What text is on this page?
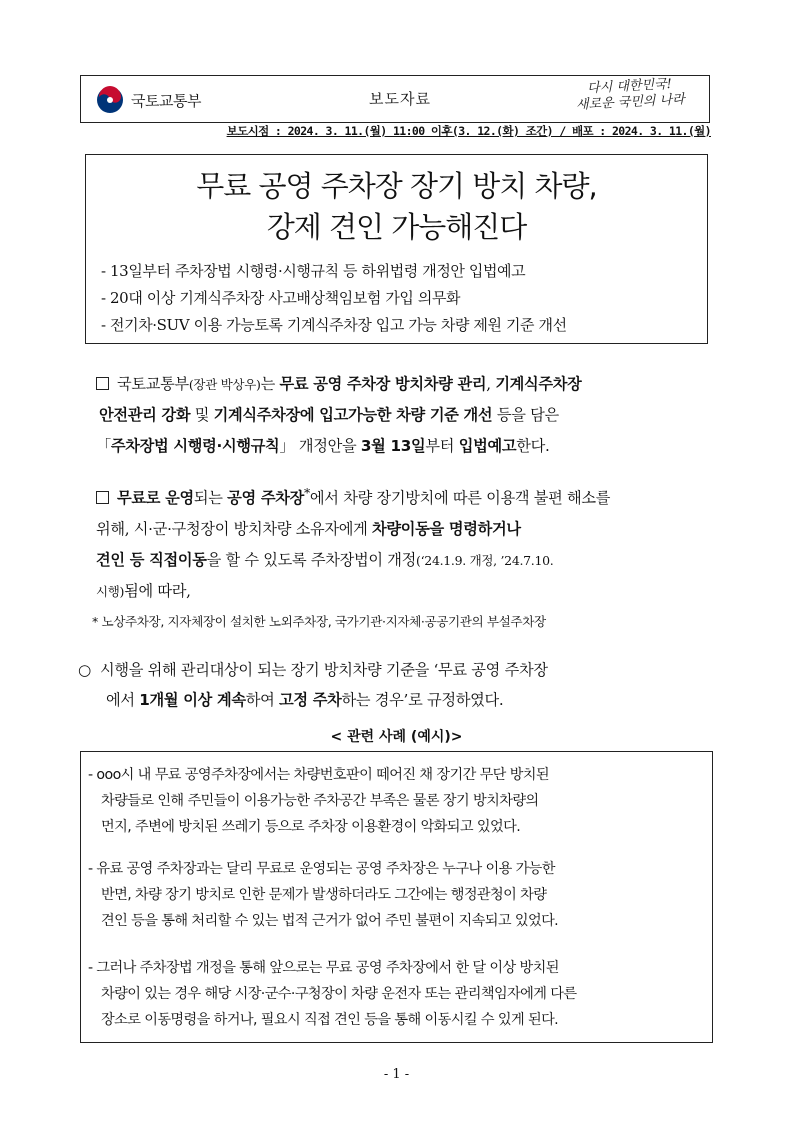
국토교통부	보도자료
다시 대한민국!
새로운 국민의 나라
보도시점 : 2024. 3. 11.(월) 11:00 이후(3. 12.(화) 조간) / 배포 : 2024. 3. 11.(월)
무료 공영 주차장 장기 방치 차량,
강제 견인 가능해진다
- 13일부터 주차장법 시행령·시행규칙 등 하위법령 개정안 입법예고
- 20대 이상 기계식주차장 사고배상책임보험 가입 의무화
- 전기차·SUV 이용 가능토록 기계식주차장 입고 가능 차량 제원 기준 개선
국토교통부(장관 박상우)는 무료 공영 주차장 방치차량 관리, 기계식주차장
안전관리 강화 및 기계식주차장에 입고가능한 차량 기준 개선 등을 담은
「주차장법 시행령·시행규칙」 개정안을 3월 13일부터 입법예고한다.
무료로 운영되는 공영 주차장*에서 차량 장기방치에 따른 이용객 불편 해소를
위해, 시·군·구청장이 방치차량 소유자에게 차량이동을 명령하거나
견인 등 직접이동을 할 수 있도록 주차장법이 개정(‘24.1.9. 개정, ’24.7.10.
시행)됨에 따라,
* 노상주차장, 지자체장이 설치한 노외주차장, 국가기관·지자체·공공기관의 부설주차장
○ 시행을 위해 관리대상이 되는 장기 방치차량 기준을 ‘무료 공영 주차장
에서 1개월 이상 계속하여 고정 주차하는 경우’로 규정하였다.
< 관련 사례 (예시)>
- ooo시 내 무료 공영주차장에서는 차량번호판이 떼어진 채 장기간 무단 방치된
차량들로 인해 주민들이 이용가능한 주차공간 부족은 물론 장기 방치차량의
먼지, 주변에 방치된 쓰레기 등으로 주차장 이용환경이 악화되고 있었다.
- 유료 공영 주차장과는 달리 무료로 운영되는 공영 주차장은 누구나 이용 가능한
반면, 차량 장기 방치로 인한 문제가 발생하더라도 그간에는 행정관청이 차량
견인 등을 통해 처리할 수 있는 법적 근거가 없어 주민 불편이 지속되고 있었다.
- 그러나 주차장법 개정을 통해 앞으로는 무료 공영 주차장에서 한 달 이상 방치된
차량이 있는 경우 해당 시장·군수·구청장이 차량 운전자 또는 관리책임자에게 다른
장소로 이동명령을 하거나, 필요시 직접 견인 등을 통해 이동시킬 수 있게 된다.
- 1 -
